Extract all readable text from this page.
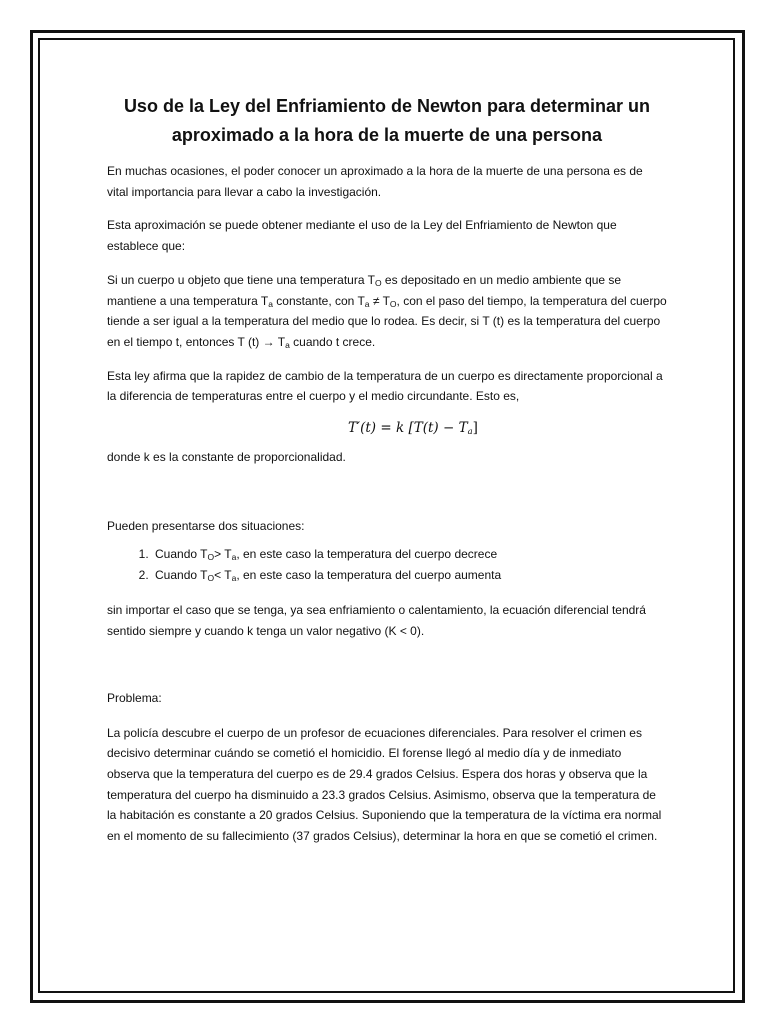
Uso de la Ley del Enfriamiento de Newton para determinar un aproximado a la hora de la muerte de una persona

En muchas ocasiones, el poder conocer un aproximado a la hora de la muerte de una persona es de vital importancia para llevar a cabo la investigación.

Esta aproximación se puede obtener mediante el uso de la Ley del Enfriamiento de Newton que establece que:

Si un cuerpo u objeto que tiene una temperatura $T_O$ es depositado en un medio ambiente que se mantiene a una temperatura $T_a$ constante, con $T_a \ne T_O$, con el paso del tiempo, la temperatura del cuerpo tiende a ser igual a la temperatura del medio que lo rodea. Es decir, si T (t) es la temperatura del cuerpo en el tiempo t, entonces T $(t) \to T_a$ cuando t crece.

Esta ley afirma que la rapidez de cambio de la temperatura de un cuerpo es directamente proporcional a la diferencia de temperaturas entre el cuerpo y el medio circundante. Esto es,

T′(t) = k $[T(t) - T_a]$

donde k es la constante de proporcionalidad.

Pueden presentarse dos situaciones:

1. Cuando $T_O> T_a$, en este caso la temperatura del cuerpo decrece
2. Cuando $T_O< T_a$, en este caso la temperatura del cuerpo aumenta

sin importar el caso que se tenga, ya sea enfriamiento o calentamiento, la ecuación diferencial tendrá sentido siempre y cuando k tenga un valor negativo (K < 0).

Problema:

La policía descubre el cuerpo de un profesor de ecuaciones diferenciales. Para resolver el crimen es decisivo determinar cuándo se cometió el homicidio. El forense llegó al medio día y de inmediato observa que la temperatura del cuerpo es de 29.4 grados Celsius. Espera dos horas y observa que la temperatura del cuerpo ha disminuido a 23.3 grados Celsius. Asimismo, observa que la temperatura de la habitación es constante a 20 grados Celsius. Suponiendo que la temperatura de la víctima era normal en el momento de su fallecimiento (37 grados Celsius), determinar la hora en que se cometió el crimen.
